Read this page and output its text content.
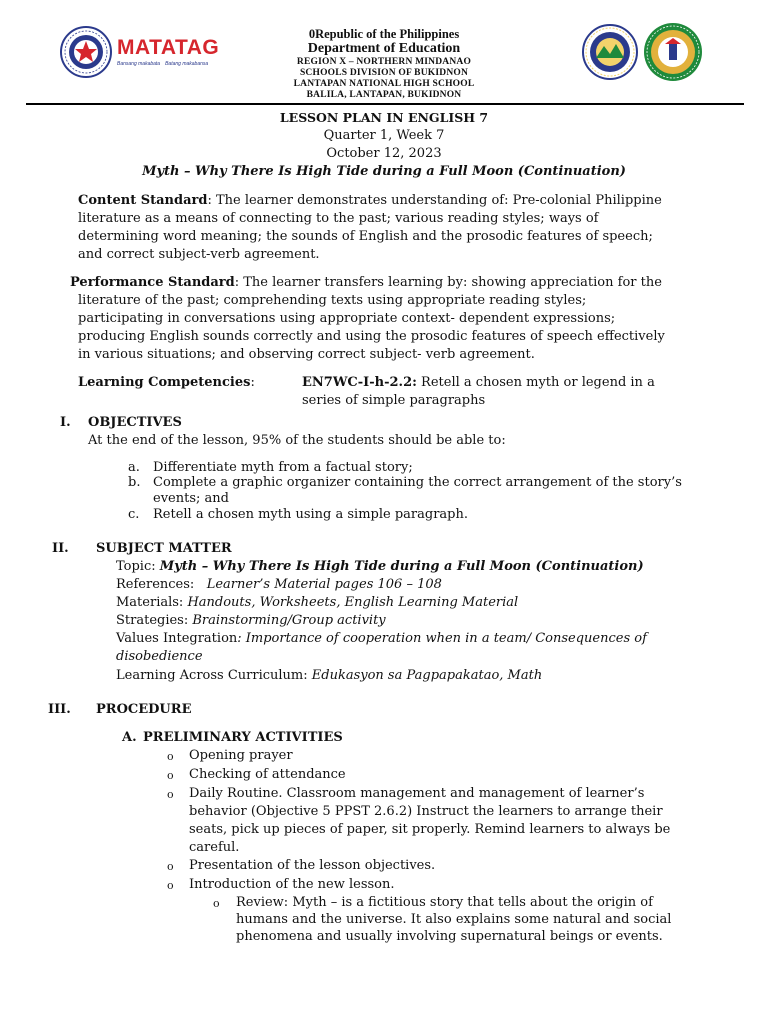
MATATAG
Bansang makabata Batang makabansa
0Republic of the Philippines
Department of Education
REGION X – NORTHERN MINDANAO
SCHOOLS DIVISION OF BUKIDNON
LANTAPAN NATIONAL HIGH SCHOOL
BALILA, LANTAPAN, BUKIDNON
LESSON PLAN IN ENGLISH 7
Quarter 1, Week 7
October 12, 2023
Myth – Why There Is High Tide during a Full Moon (Continuation)
Content Standard: The learner demonstrates understanding of: Pre-colonial Philippine
literature as a means of connecting to the past; various reading styles; ways of
determining word meaning; the sounds of English and the prosodic features of speech;
and correct subject-verb agreement.
Performance Standard: The learner transfers learning by: showing appreciation for the
literature of the past; comprehending texts using appropriate reading styles;
participating in conversations using appropriate context- dependent expressions;
producing English sounds correctly and using the prosodic features of speech effectively
in various situations; and observing correct subject- verb agreement.
Learning Competencies:	EN7WC-I-h-2.2: Retell a chosen myth or legend in a
series of simple paragraphs
I. OBJECTIVES
At the end of the lesson, 95% of the students should be able to:
a. Differentiate myth from a factual story;
b. Complete a graphic organizer containing the correct arrangement of the story’s
events; and
c. Retell a chosen myth using a simple paragraph.
II. SUBJECT MATTER
Topic: Myth – Why There Is High Tide during a Full Moon (Continuation)
References:   Learner’s Material pages 106 – 108
Materials: Handouts, Worksheets, English Learning Material
Strategies: Brainstorming/Group activity
Values Integration: Importance of cooperation when in a team/ Consequences of
disobedience
Learning Across Curriculum: Edukasyon sa Pagpapakatao, Math
III. PROCEDURE
A. PRELIMINARY ACTIVITIES
o Opening prayer
o Checking of attendance
o Daily Routine. Classroom management and management of learner’s
behavior (Objective 5 PPST 2.6.2) Instruct the learners to arrange their
seats, pick up pieces of paper, sit properly. Remind learners to always be
careful.
o Presentation of the lesson objectives.
o Introduction of the new lesson.
o Review: Myth – is a fictitious story that tells about the origin of
humans and the universe. It also explains some natural and social
phenomena and usually involving supernatural beings or events.
